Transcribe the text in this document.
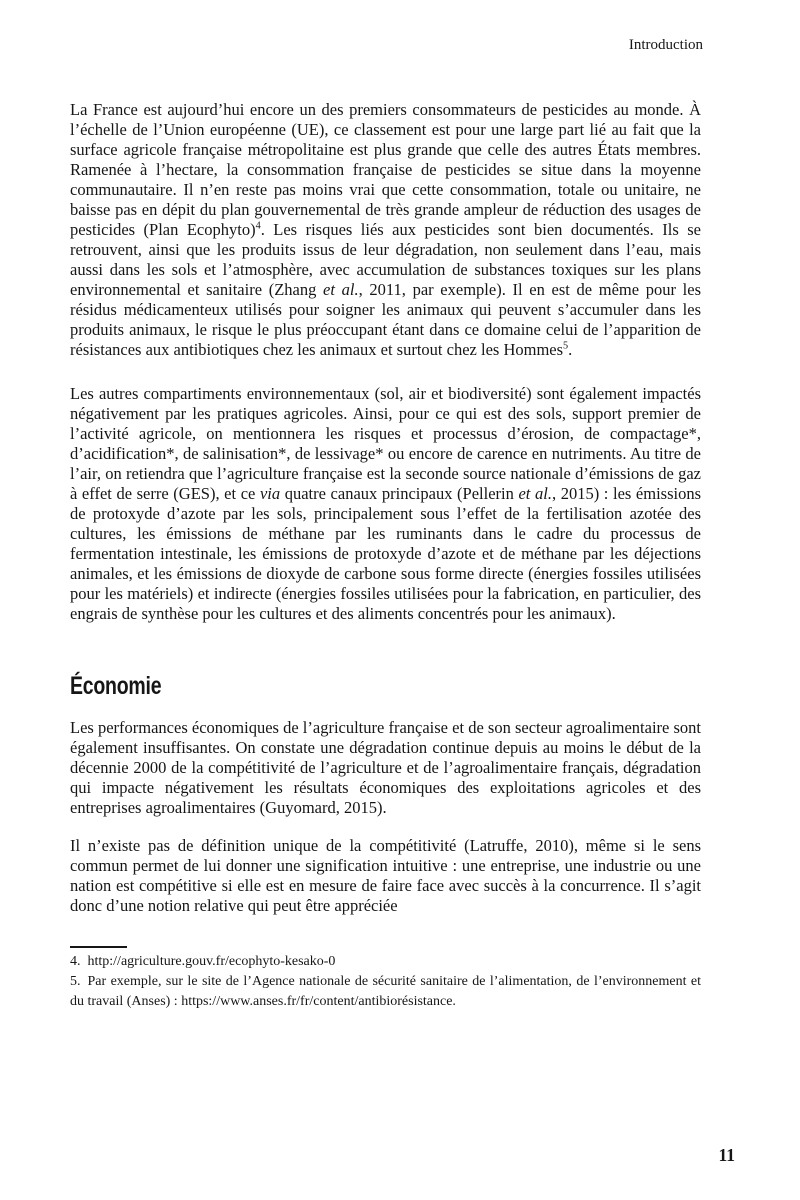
Introduction

La France est aujourd’hui encore un des premiers consommateurs de pesticides au monde. À l’échelle de l’Union européenne (UE), ce classement est pour une large part lié au fait que la surface agricole française métropolitaine est plus grande que celle des autres États membres. Ramenée à l’hectare, la consommation française de pesticides se situe dans la moyenne communautaire. Il n’en reste pas moins vrai que cette consommation, totale ou unitaire, ne baisse pas en dépit du plan gouvernemental de très grande ampleur de réduction des usages de pesticides (Plan Ecophyto)$^4$. Les risques liés aux pesticides sont bien documentés. Ils se retrouvent, ainsi que les produits issus de leur dégradation, non seulement dans l’eau, mais aussi dans les sols et l’atmosphère, avec accumulation de substances toxiques sur les plans environnemental et sanitaire (Zhang et al., 2011, par exemple). Il en est de même pour les résidus médicamenteux utilisés pour soigner les animaux qui peuvent s’accumuler dans les produits animaux, le risque le plus préoccupant étant dans ce domaine celui de l’apparition de résistances aux antibiotiques chez les animaux et surtout chez les Hommes$^5$.

Les autres compartiments environnementaux (sol, air et biodiversité) sont également impactés négativement par les pratiques agricoles. Ainsi, pour ce qui est des sols, support premier de l’activité agricole, on mentionnera les risques et processus d’érosion, de compactage*, d’acidification*, de salinisation*, de lessivage* ou encore de carence en nutriments. Au titre de l’air, on retiendra que l’agriculture française est la seconde source nationale d’émissions de gaz à effet de serre (GES), et ce via quatre canaux principaux (Pellerin et al., 2015) : les émissions de protoxyde d’azote par les sols, principalement sous l’effet de la fertilisation azotée des cultures, les émissions de méthane par les ruminants dans le cadre du processus de fermentation intestinale, les émissions de protoxyde d’azote et de méthane par les déjections animales, et les émissions de dioxyde de carbone sous forme directe (énergies fossiles utilisées pour les matériels) et indirecte (énergies fossiles utilisées pour la fabrication, en particulier, des engrais de synthèse pour les cultures et des aliments concentrés pour les animaux).

Économie

Les performances économiques de l’agriculture française et de son secteur agroalimentaire sont également insuffisantes. On constate une dégradation continue depuis au moins le début de la décennie 2000 de la compétitivité de l’agriculture et de l’agroalimentaire français, dégradation qui impacte négativement les résultats économiques des exploitations agricoles et des entreprises agroalimentaires (Guyomard, 2015).

Il n’existe pas de définition unique de la compétitivité (Latruffe, 2010), même si le sens commun permet de lui donner une signification intuitive : une entreprise, une industrie ou une nation est compétitive si elle est en mesure de faire face avec succès à la concurrence. Il s’agit donc d’une notion relative qui peut être appréciée

4. http://agriculture.gouv.fr/ecophyto-kesako-0
5. Par exemple, sur le site de l’Agence nationale de sécurité sanitaire de l’alimentation, de l’environnement et du travail (Anses) : https://www.anses.fr/fr/content/antibiorésistance.
11
